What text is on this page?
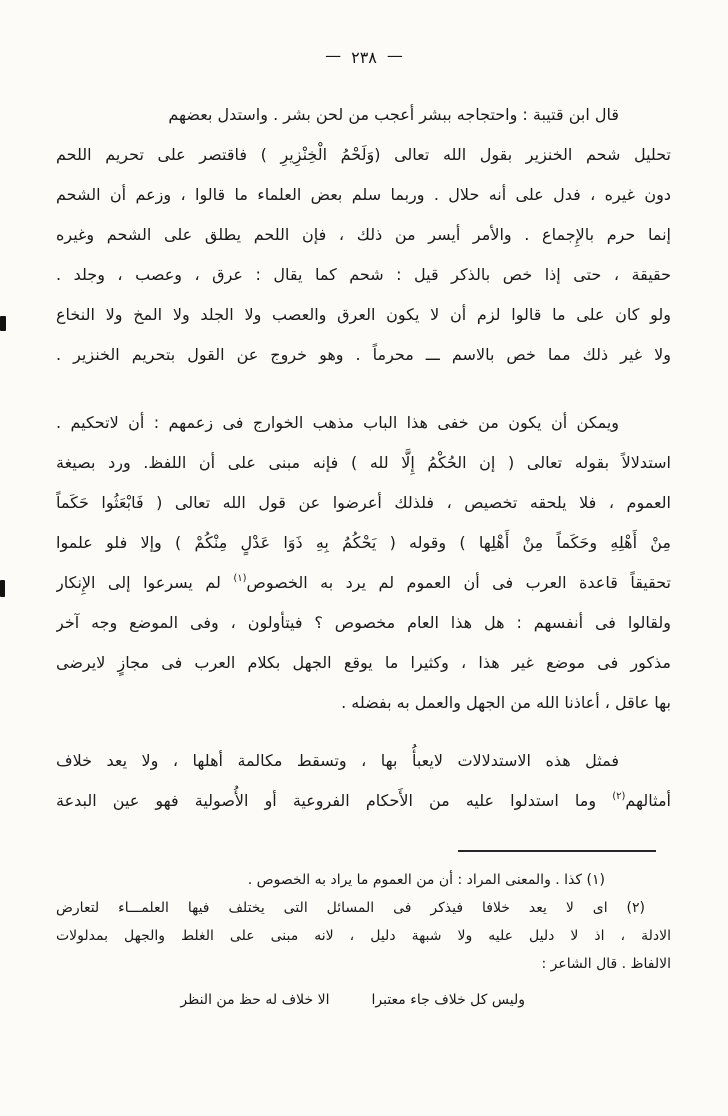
—٢٣٨—
قال ابن قتيبة : واحتجاجه ببشر أعجب من لحن بشر . واستدل بعضهم
تحليل شحم الخنزير بقول الله تعالى (وَلَحْمُ الْخِنْزِيرِ ) فاقتصر على تحريم اللحم
دون غيره ، فدل على أنه حلال . وربما سلم بعض العلماء ما قالوا ، وزعم أن الشحم
إنما حرم بالإِجماع . والأمر أيسر من ذلك ، فإن اللحم يطلق على الشحم وغيره
حقيقة ، حتى إذا خص بالذكر قيل : شحم كما يقال : عرق ، وعصب ، وجلد .
ولو كان على ما قالوا لزم أن لا يكون العرق والعصب ولا الجلد ولا المخ ولا النخاع
ولا غير ذلك مما خص بالاسم ـــ محرماً . وهو خروج عن القول بتحريم الخنزير .
ويمكن أن يكون من خفى هذا الباب مذهب الخوارج فى زعمهم : أن لاتحكيم .
استدلالاً بقوله تعالى ( إن الحُكْمُ إِلَّا لله ) فإنه مبنى على أن اللفظ. ورد بصيغة
العموم ، فلا يلحقه تخصيص ، فلذلك أعرضوا عن قول الله تعالى ( فَابْعَثُوا حَكَماً
مِنْ أَهْلِهِ وحَكَماً مِنْ أَهْلِها ) وقوله ( يَحْكُمُ بِهِ ذَوَا عَدْلٍ مِنْكُمْ ) وإلا فلو علموا
تحقيقاً قاعدة العرب فى أن العموم لم يرد به الخصوص$^{(١)}$ لم يسرعوا إلى الإِنكار
ولقالوا فى أنفسهم : هل هذا العام مخصوص ؟ فيتأولون ، وفى الموضع وجه آخر
مذكور فى موضع غير هذا ، وكثيرا ما يوقع الجهل بكلام العرب فى مجازٍ لايرضى
بها عاقل ، أعاذنا الله من الجهل والعمل به بفضله .
فمثل هذه الاستدلالات لايعبأُ بها ، وتسقط مكالمة أهلها ، ولا يعد خلاف
أمثالهم$^{(٢)}$ وما استدلوا عليه من الأَحكام الفروعية أو الأُصولية فهو عين البدعة
(١) كذا . والمعنى المراد : أن من العموم ما يراد به الخصوص .
(٢) اى لا يعد خلافا فيذكر فى المسائل التى يختلف فيها العلمـــاء لتعارض
الادلة ، اذ لا دليل عليه ولا شبهة دليل ، لانه مبنى على الغلط والجهل بمدلولات
الالفاظ . قال الشاعر :
وليس كل خلاف جاء معتبرا
الا خلاف له حظ من النظر
